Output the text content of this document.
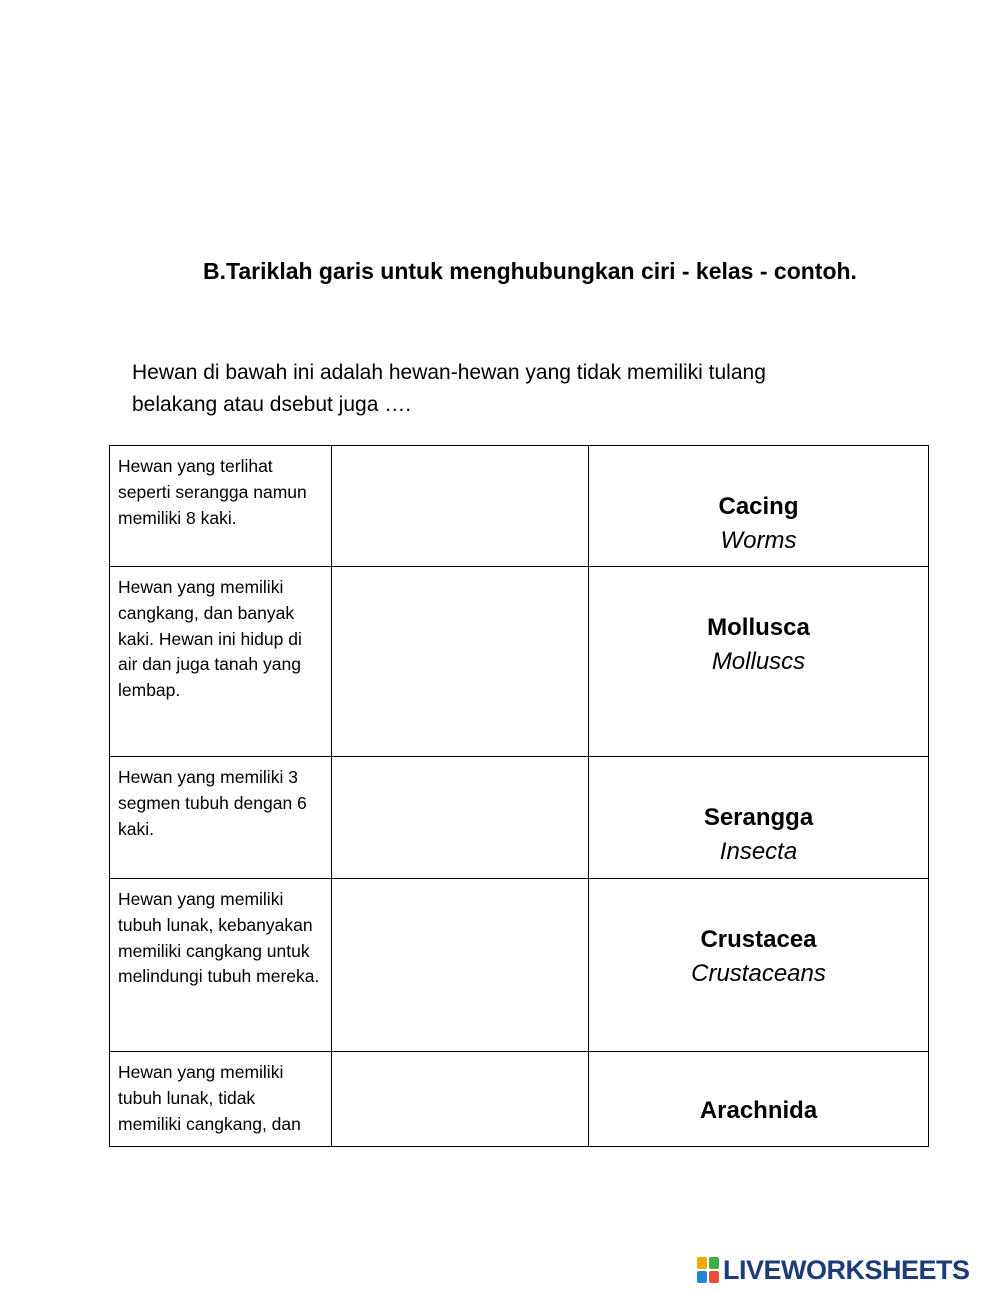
B.Tariklah garis untuk menghubungkan ciri - kelas - contoh.

Hewan di bawah ini adalah hewan-hewan yang tidak memiliki tulang belakang atau dsebut juga ….

Hewan yang terlihat seperti serangga namun memiliki 8 kaki.		Cacing
Worms

Hewan yang memiliki cangkang, dan banyak kaki. Hewan ini hidup di air dan juga tanah yang lembap.		Mollusca
Molluscs

Hewan yang memiliki 3 segmen tubuh dengan 6 kaki.		Serangga
Insecta

Hewan yang memiliki tubuh lunak, kebanyakan memiliki cangkang untuk melindungi tubuh mereka.		Crustacea
Crustaceans

Hewan yang memiliki tubuh lunak, tidak memiliki cangkang, dan		Arachnida
LIVEWORKSHEETS
